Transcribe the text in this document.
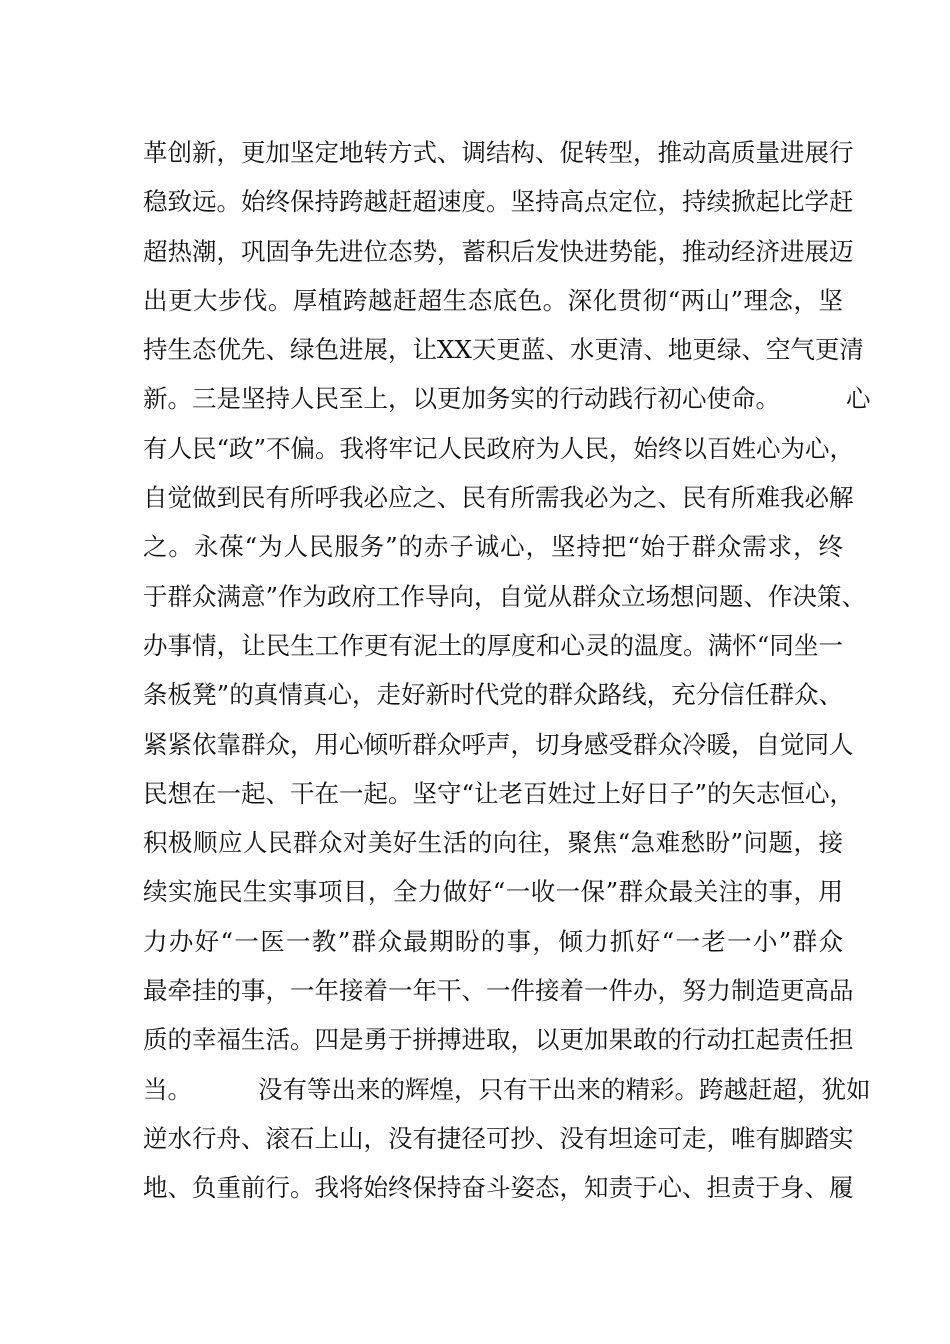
革创新，更加坚定地转方式、调结构、促转型，推动高质量进展行
稳致远。始终保持跨越赶超速度。坚持高点定位，持续掀起比学赶
超热潮，巩固争先进位态势，蓄积后发快进势能，推动经济进展迈
出更大步伐。厚植跨越赶超生态底色。深化贯彻“两山”理念，坚
持生态优先、绿色进展，让XX天更蓝、水更清、地更绿、空气更清
新。三是坚持人民至上，以更加务实的行动践行初心使命。	心
有人民“政”不偏。我将牢记人民政府为人民，始终以百姓心为心，
自觉做到民有所呼我必应之、民有所需我必为之、民有所难我必解
之。永葆“为人民服务”的赤子诚心，坚持把“始于群众需求，终
于群众满意”作为政府工作导向，自觉从群众立场想问题、作决策、
办事情，让民生工作更有泥土的厚度和心灵的温度。满怀“同坐一
条板凳”的真情真心，走好新时代党的群众路线，充分信任群众、
紧紧依靠群众，用心倾听群众呼声，切身感受群众冷暖，自觉同人
民想在一起、干在一起。坚守“让老百姓过上好日子”的矢志恒心，
积极顺应人民群众对美好生活的向往，聚焦“急难愁盼”问题，接
续实施民生实事项目，全力做好“一收一保”群众最关注的事，用
力办好“一医一教”群众最期盼的事，倾力抓好“一老一小”群众
最牵挂的事，一年接着一年干、一件接着一件办，努力制造更高品
质的幸福生活。四是勇于拼搏进取，以更加果敢的行动扛起责任担
当。	没有等出来的辉煌，只有干出来的精彩。跨越赶超，犹如
逆水行舟、滚石上山，没有捷径可抄、没有坦途可走，唯有脚踏实
地、负重前行。我将始终保持奋斗姿态，知责于心、担责于身、履
